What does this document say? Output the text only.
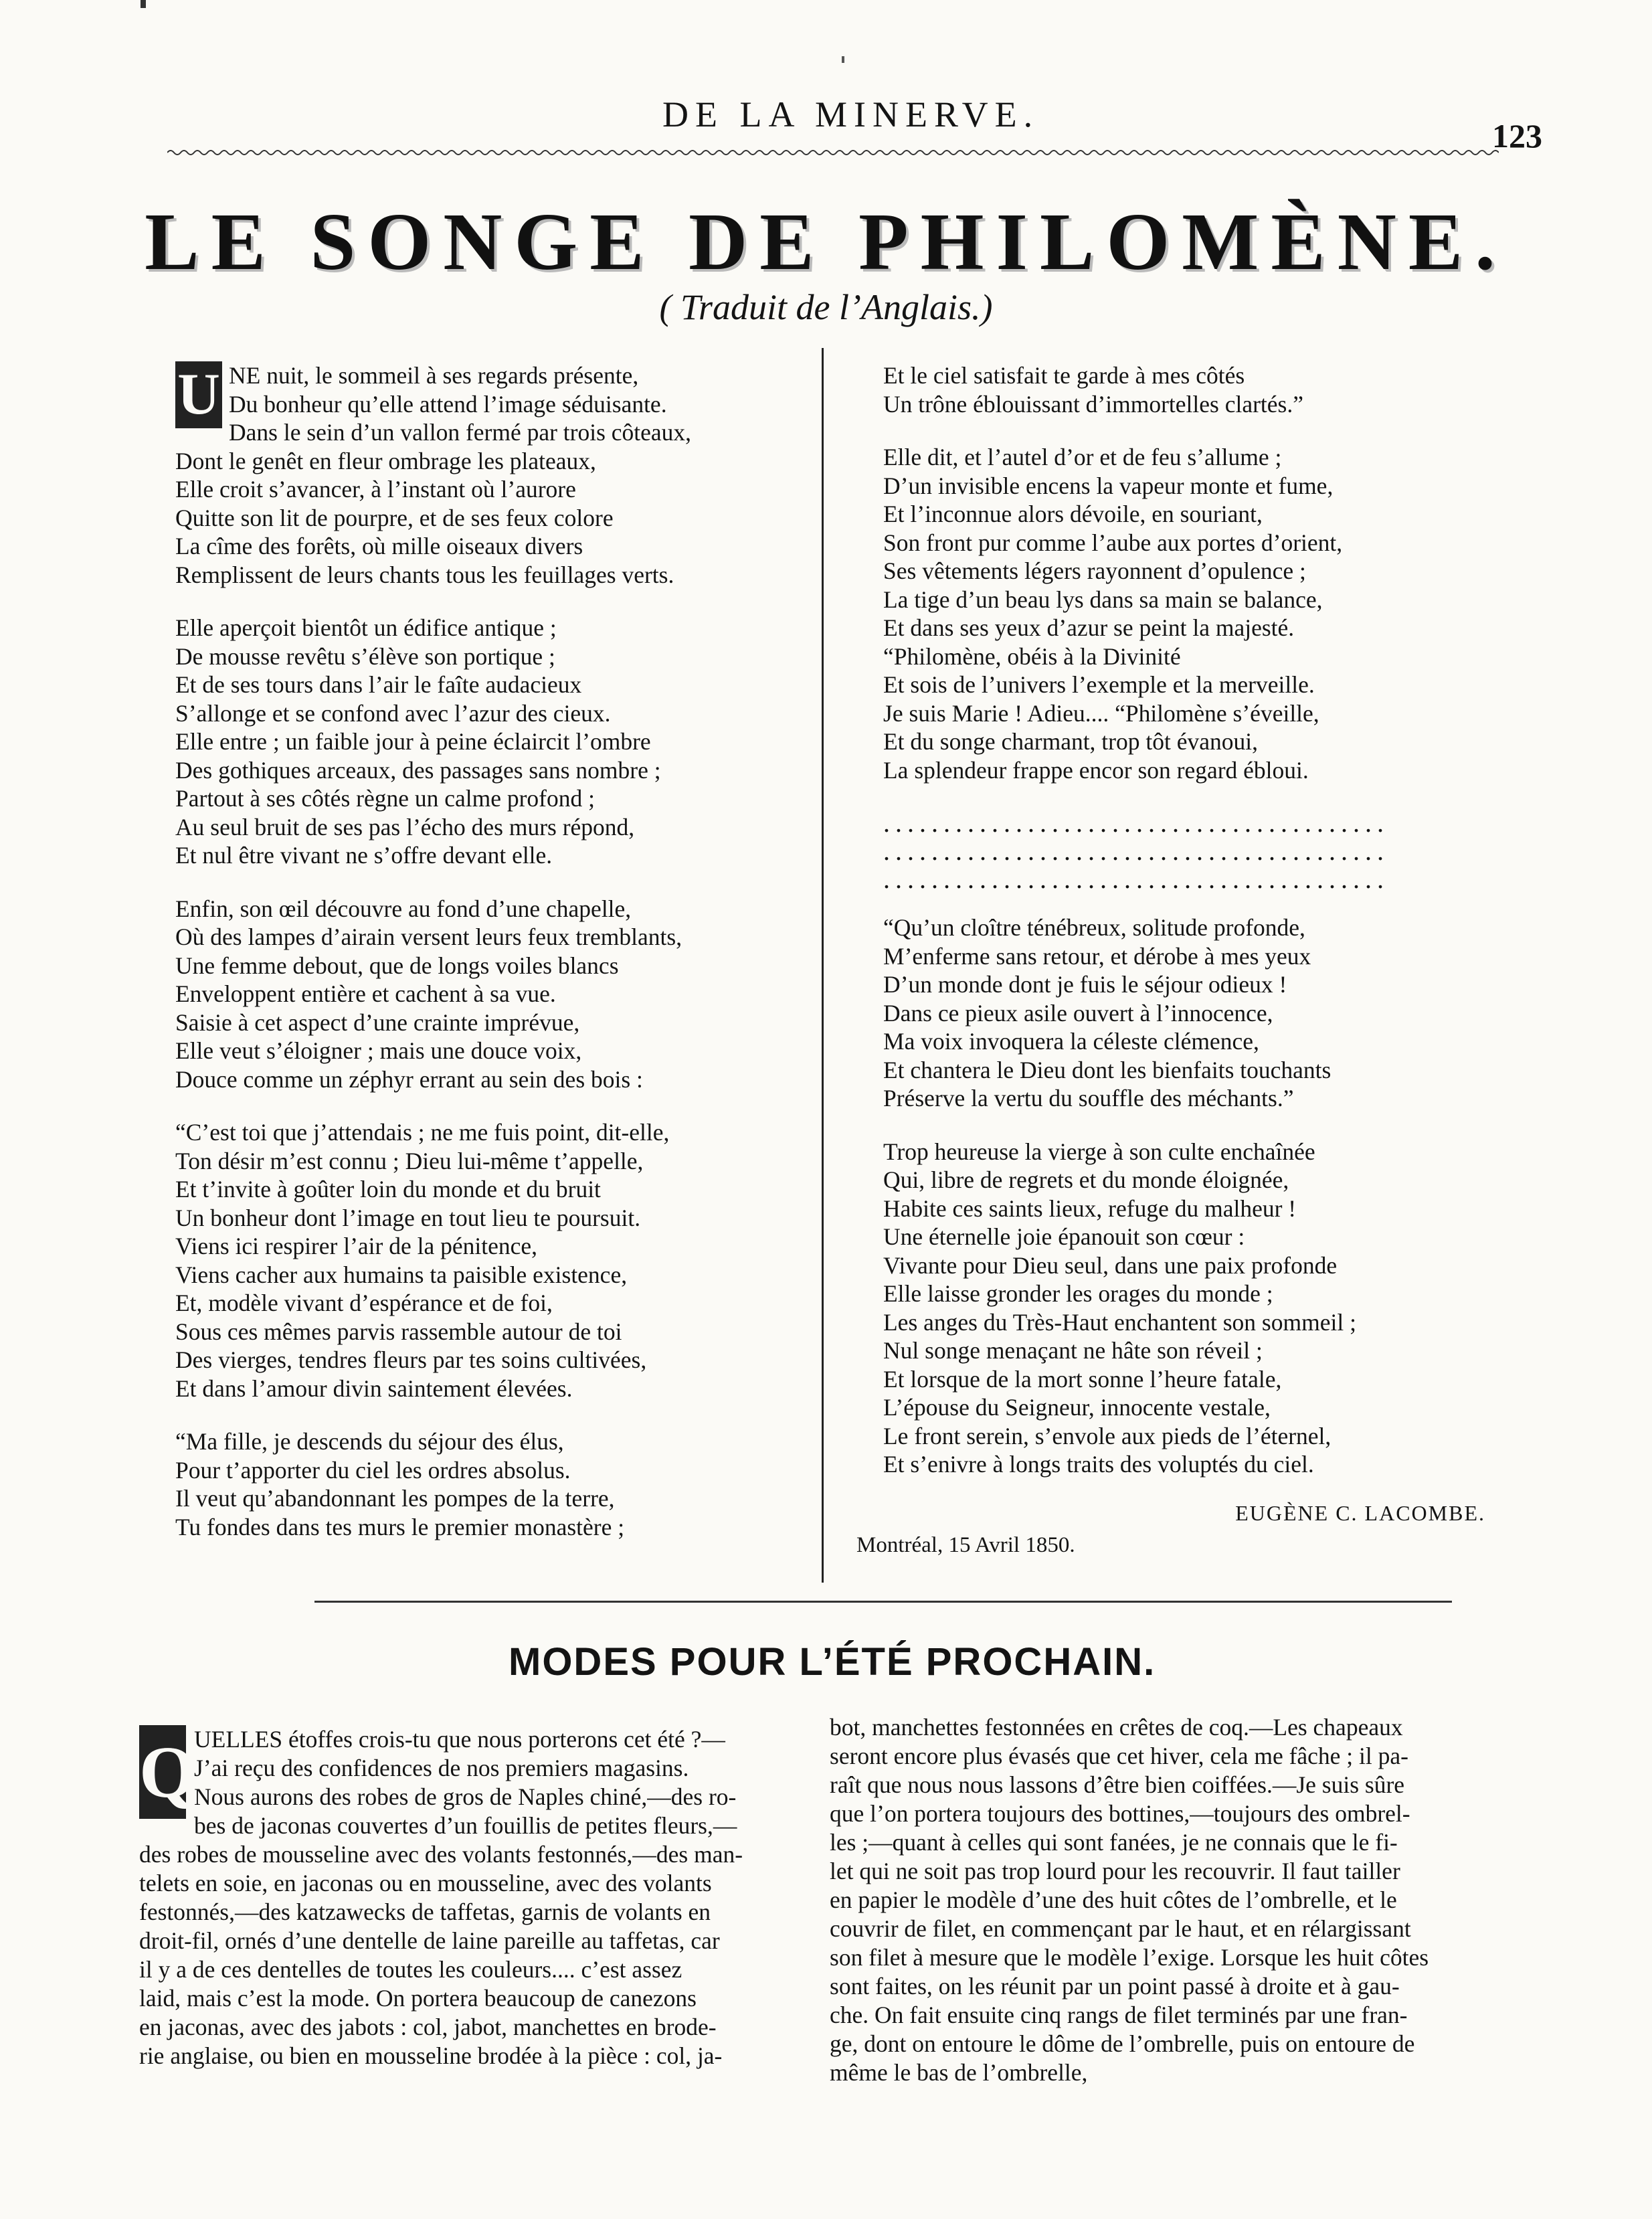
DE LA MINERVE.
123
LE SONGE DE PHILOMÈNE.
( Traduit de l’Anglais.)
U NE nuit, le sommeil à ses regards présente,
Du bonheur qu’elle attend l’image séduisante.
Dans le sein d’un vallon fermé par trois côteaux,
Dont le genêt en fleur ombrage les plateaux,
Elle croit s’avancer, à l’instant où l’aurore
Quitte son lit de pourpre, et de ses feux colore
La cîme des forêts, où mille oiseaux divers
Remplissent de leurs chants tous les feuillages verts.
Elle aperçoit bientôt un édifice antique ;
De mousse revêtu s’élève son portique ;
Et de ses tours dans l’air le faîte audacieux
S’allonge et se confond avec l’azur des cieux.
Elle entre ; un faible jour à peine éclaircit l’ombre
Des gothiques arceaux, des passages sans nombre ;
Partout à ses côtés règne un calme profond ;
Au seul bruit de ses pas l’écho des murs répond,
Et nul être vivant ne s’offre devant elle.
Enfin, son œil découvre au fond d’une chapelle,
Où des lampes d’airain versent leurs feux tremblants,
Une femme debout, que de longs voiles blancs
Enveloppent entière et cachent à sa vue.
Saisie à cet aspect d’une crainte imprévue,
Elle veut s’éloigner ; mais une douce voix,
Douce comme un zéphyr errant au sein des bois :
“C’est toi que j’attendais ; ne me fuis point, dit-elle,
Ton désir m’est connu ; Dieu lui-même t’appelle,
Et t’invite à goûter loin du monde et du bruit
Un bonheur dont l’image en tout lieu te poursuit.
Viens ici respirer l’air de la pénitence,
Viens cacher aux humains ta paisible existence,
Et, modèle vivant d’espérance et de foi,
Sous ces mêmes parvis rassemble autour de toi
Des vierges, tendres fleurs par tes soins cultivées,
Et dans l’amour divin saintement élevées.
“Ma fille, je descends du séjour des élus,
Pour t’apporter du ciel les ordres absolus.
Il veut qu’abandonnant les pompes de la terre,
Tu fondes dans tes murs le premier monastère ;
Et le ciel satisfait te garde à mes côtés
Un trône éblouissant d’immortelles clartés.”
Elle dit, et l’autel d’or et de feu s’allume ;
D’un invisible encens la vapeur monte et fume,
Et l’inconnue alors dévoile, en souriant,
Son front pur comme l’aube aux portes d’orient,
Ses vêtements légers rayonnent d’opulence ;
La tige d’un beau lys dans sa main se balance,
Et dans ses yeux d’azur se peint la majesté.
“Philomène, obéis à la Divinité
Et sois de l’univers l’exemple et la merveille.
Je suis Marie ! Adieu.... “Philomène s’éveille,
Et du songe charmant, trop tôt évanoui,
La splendeur frappe encor son regard ébloui.
..........................................
..........................................
..........................................
“Qu’un cloître ténébreux, solitude profonde,
M’enferme sans retour, et dérobe à mes yeux
D’un monde dont je fuis le séjour odieux !
Dans ce pieux asile ouvert à l’innocence,
Ma voix invoquera la céleste clémence,
Et chantera le Dieu dont les bienfaits touchants
Préserve la vertu du souffle des méchants.”
Trop heureuse la vierge à son culte enchaînée
Qui, libre de regrets et du monde éloignée,
Habite ces saints lieux, refuge du malheur !
Une éternelle joie épanouit son cœur :
Vivante pour Dieu seul, dans une paix profonde
Elle laisse gronder les orages du monde ;
Les anges du Très-Haut enchantent son sommeil ;
Nul songe menaçant ne hâte son réveil ;
Et lorsque de la mort sonne l’heure fatale,
L’épouse du Seigneur, innocente vestale,
Le front serein, s’envole aux pieds de l’éternel,
Et s’enivre à longs traits des voluptés du ciel.
EUGÈNE C. LACOMBE.
Montréal, 15 Avril 1850.
MODES POUR L’ÉTÉ PROCHAIN.
Q
UELLES étoffes crois-tu que nous porterons cet été ?—
J’ai reçu des confidences de nos premiers magasins.
Nous aurons des robes de gros de Naples chiné,—des ro-
bes de jaconas couvertes d’un fouillis de petites fleurs,—
des robes de mousseline avec des volants festonnés,—des man-
telets en soie, en jaconas ou en mousseline, avec des volants
festonnés,—des katzawecks de taffetas, garnis de volants en
droit-fil, ornés d’une dentelle de laine pareille au taffetas, car
il y a de ces dentelles de toutes les couleurs.... c’est assez
laid, mais c’est la mode. On portera beaucoup de canezons
en jaconas, avec des jabots : col, jabot, manchettes en brode-
rie anglaise, ou bien en mousseline brodée à la pièce : col, ja-
bot, manchettes festonnées en crêtes de coq.—Les chapeaux
seront encore plus évasés que cet hiver, cela me fâche ; il pa-
raît que nous nous lassons d’être bien coiffées.—Je suis sûre
que l’on portera toujours des bottines,—toujours des ombrel-
les ;—quant à celles qui sont fanées, je ne connais que le fi-
let qui ne soit pas trop lourd pour les recouvrir. Il faut tailler
en papier le modèle d’une des huit côtes de l’ombrelle, et le
couvrir de filet, en commençant par le haut, et en rélargissant
son filet à mesure que le modèle l’exige. Lorsque les huit côtes
sont faites, on les réunit par un point passé à droite et à gau-
che. On fait ensuite cinq rangs de filet terminés par une fran-
ge, dont on entoure le dôme de l’ombrelle, puis on entoure de
même le bas de l’ombrelle,
